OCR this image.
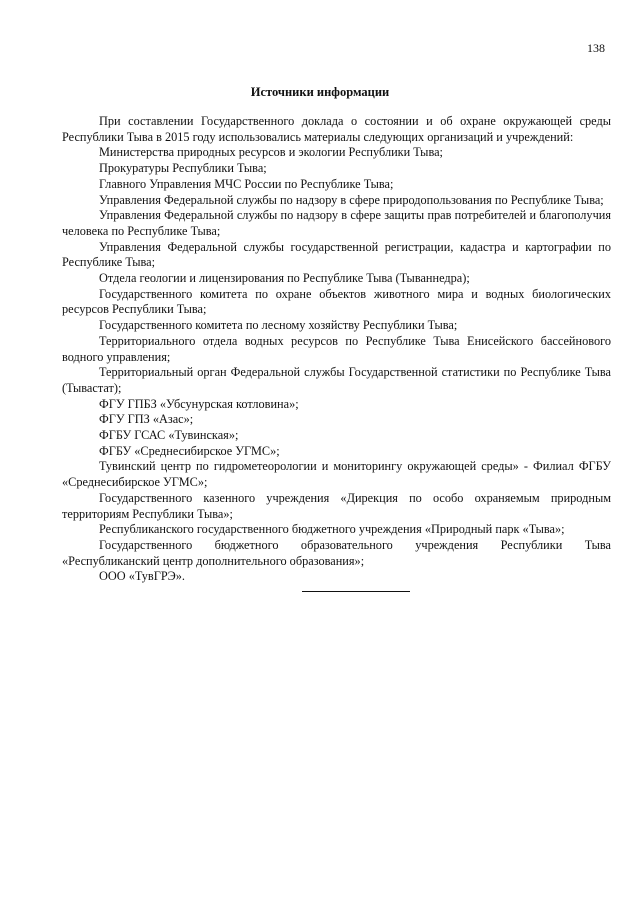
138
Источники информации

При составлении Государственного доклада о состоянии и об охране окружающей среды Республики Тыва в 2015 году использовались материалы следующих организаций и учреждений:

Министерства природных ресурсов и экологии Республики Тыва;

Прокуратуры Республики Тыва;

Главного Управления МЧС России по Республике Тыва;

Управления Федеральной службы по надзору в сфере природопользования по Республике Тыва;

Управления Федеральной службы по надзору в сфере защиты прав потребителей и благополучия человека по Республике Тыва;

Управления Федеральной службы государственной регистрации, кадастра и картографии по Республике Тыва;

Отдела геологии и лицензирования по Республике Тыва (Тываннедра);

Государственного комитета по охране объектов животного мира и водных биологических ресурсов Республики Тыва;

Государственного комитета по лесному хозяйству Республики Тыва;

Территориального отдела водных ресурсов по Республике Тыва Енисейского бассейнового водного управления;

Территориальный орган Федеральной службы Государственной статистики по Республике Тыва (Тывастат);

ФГУ ГПБЗ «Убсунурская котловина»;

ФГУ ГПЗ «Азас»;

ФГБУ ГСАС «Тувинская»;

ФГБУ «Среднесибирское УГМС»;

Тувинский центр по гидрометеорологии и мониторингу окружающей среды» - Филиал ФГБУ «Среднесибирское УГМС»;

Государственного казенного учреждения «Дирекция по особо охраняемым природным территориям Республики Тыва»;

Республиканского государственного бюджетного учреждения «Природный парк «Тыва»;

Государственного бюджетного образовательного учреждения Республики Тыва «Республиканский центр дополнительного образования»;

ООО «ТувГРЭ».
